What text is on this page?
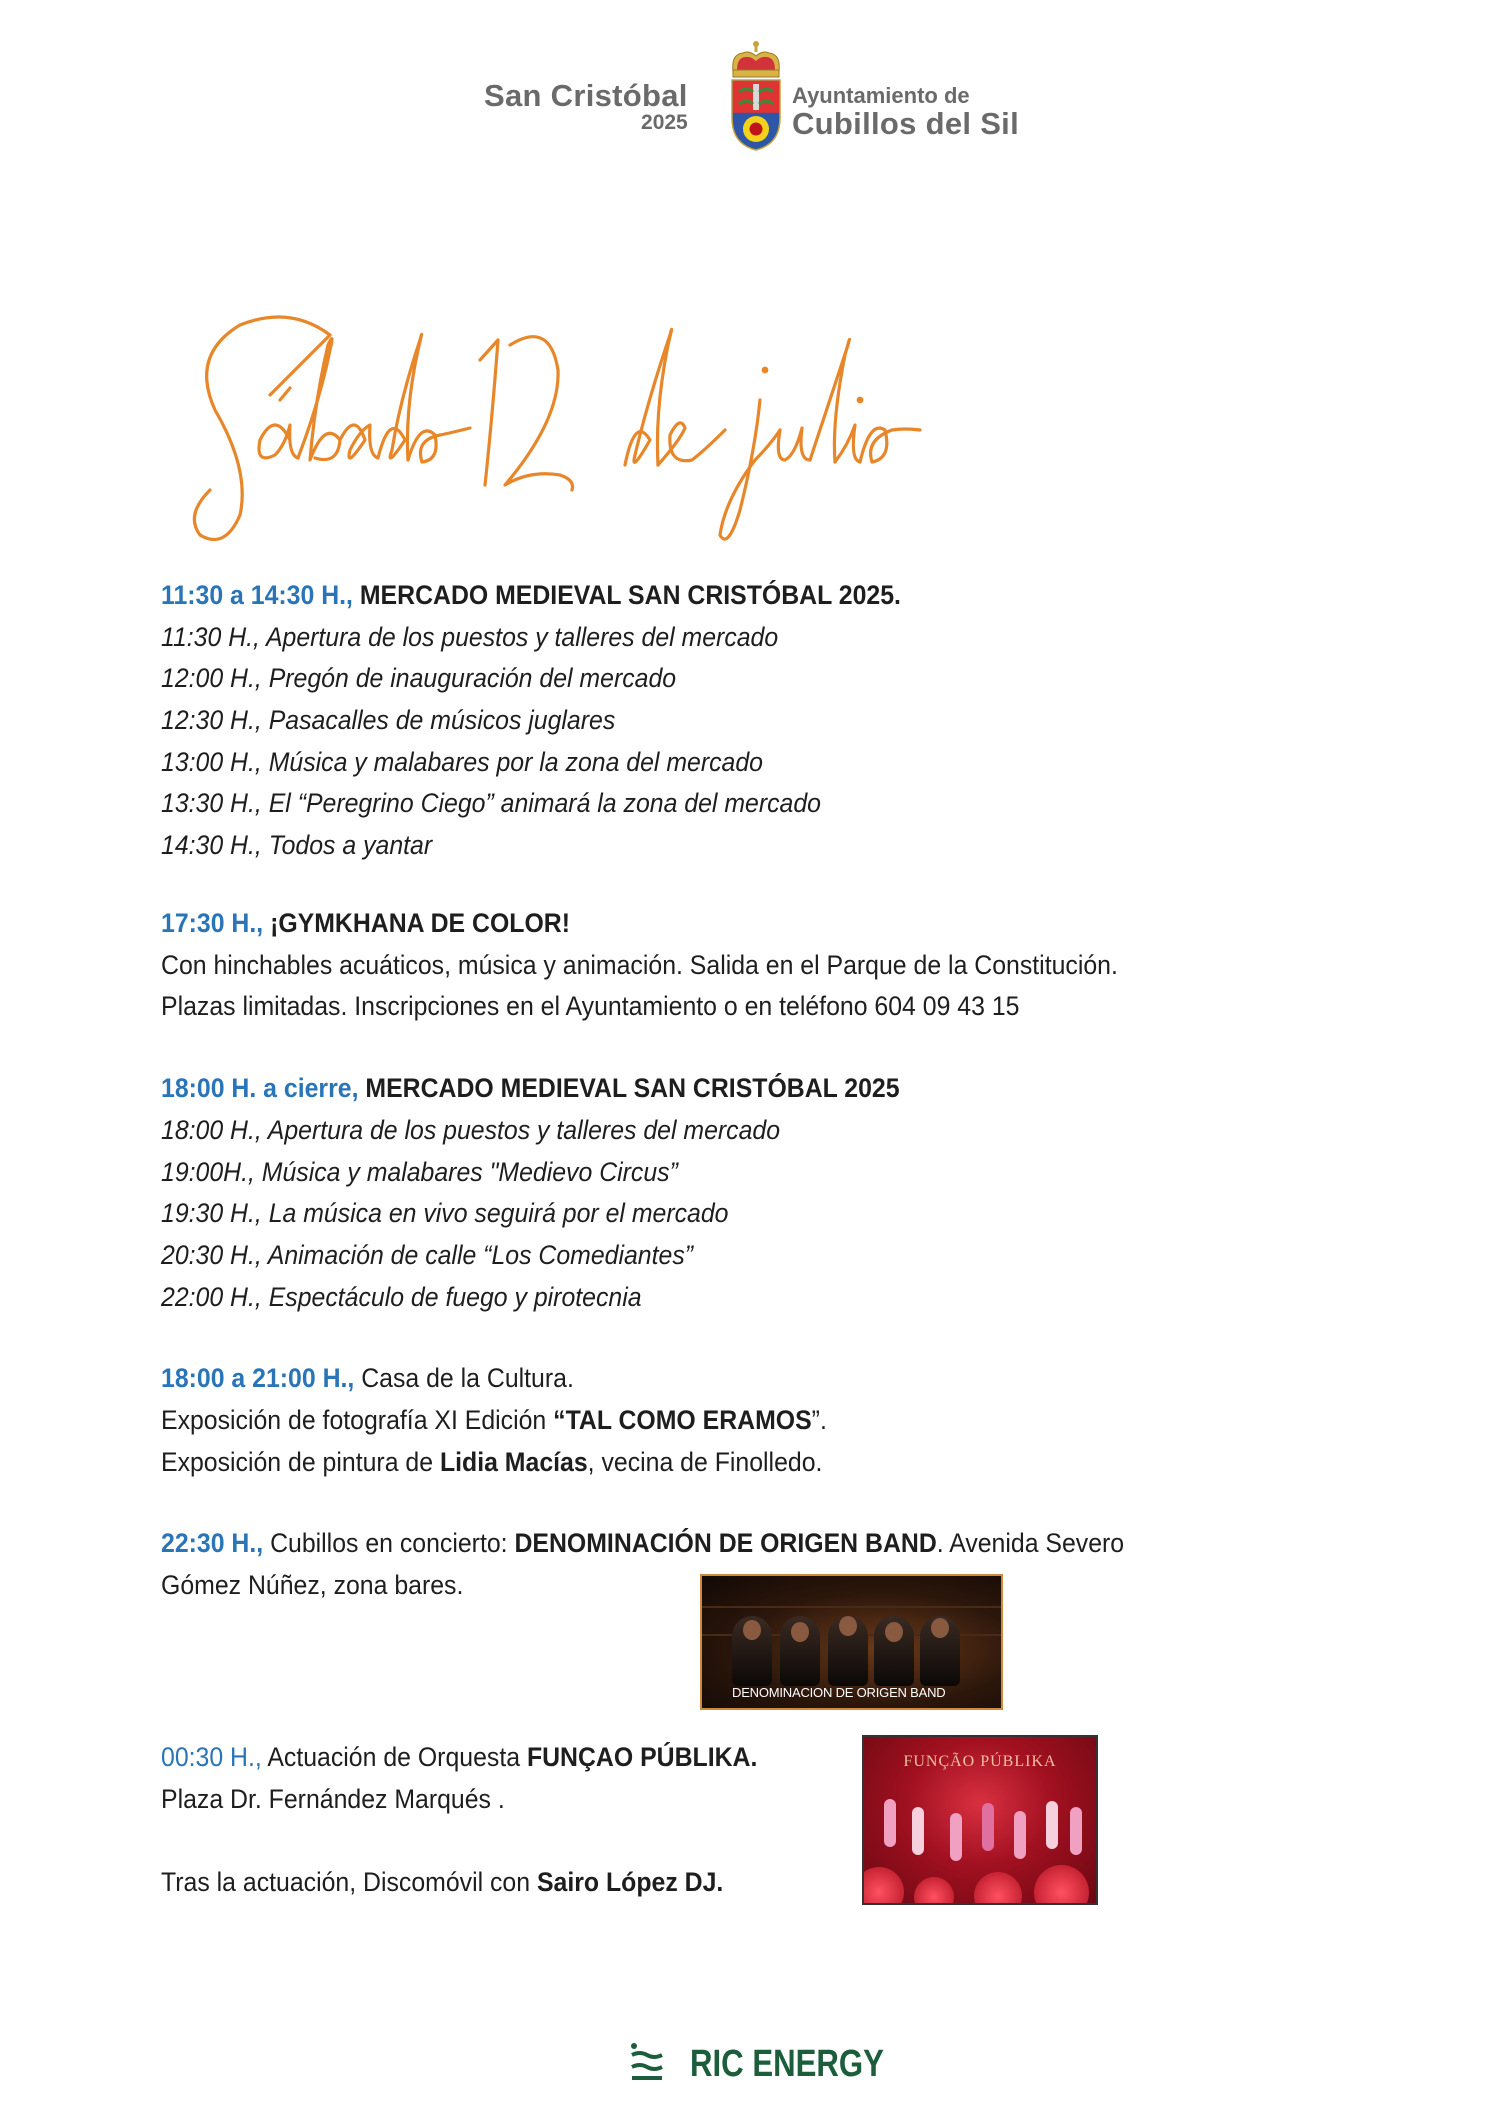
San Cristóbal
2025
Ayuntamiento de
Cubillos del Sil
11:30 a 14:30 H., MERCADO MEDIEVAL SAN CRISTÓBAL 2025.
11:30 H., Apertura de los puestos y talleres del mercado
12:00 H., Pregón de inauguración del mercado
12:30 H., Pasacalles de músicos juglares
13:00 H., Música y malabares por la zona del mercado
13:30 H., El “Peregrino Ciego” animará la zona del mercado
14:30 H., Todos a yantar
17:30 H., ¡GYMKHANA DE COLOR!
Con hinchables acuáticos, música y animación. Salida en el Parque de la Constitución.
Plazas limitadas. Inscripciones en el Ayuntamiento o en teléfono 604 09 43 15
18:00 H. a cierre, MERCADO MEDIEVAL SAN CRISTÓBAL 2025
18:00 H., Apertura de los puestos y talleres del mercado
19:00H., Música y malabares "Medievo Circus”
19:30 H., La música en vivo seguirá por el mercado
20:30 H., Animación de calle “Los Comediantes”
22:00 H., Espectáculo de fuego y pirotecnia
18:00 a 21:00 H., Casa de la Cultura.
Exposición de fotografía XI Edición “TAL COMO ERAMOS”.
Exposición de pintura de Lidia Macías, vecina de Finolledo.
22:30 H., Cubillos en concierto: DENOMINACIÓN DE ORIGEN BAND. Avenida Severo
Gómez Núñez, zona bares.
DENOMINACION DE ORIGEN BAND
00:30 H., Actuación de Orquesta FUNÇAO PÚBLIKA.
Plaza Dr. Fernández Marqués .
Tras la actuación, Discomóvil con Sairo López DJ.
FUNÇÃO PÚBLIKA
RIC ENERGY
